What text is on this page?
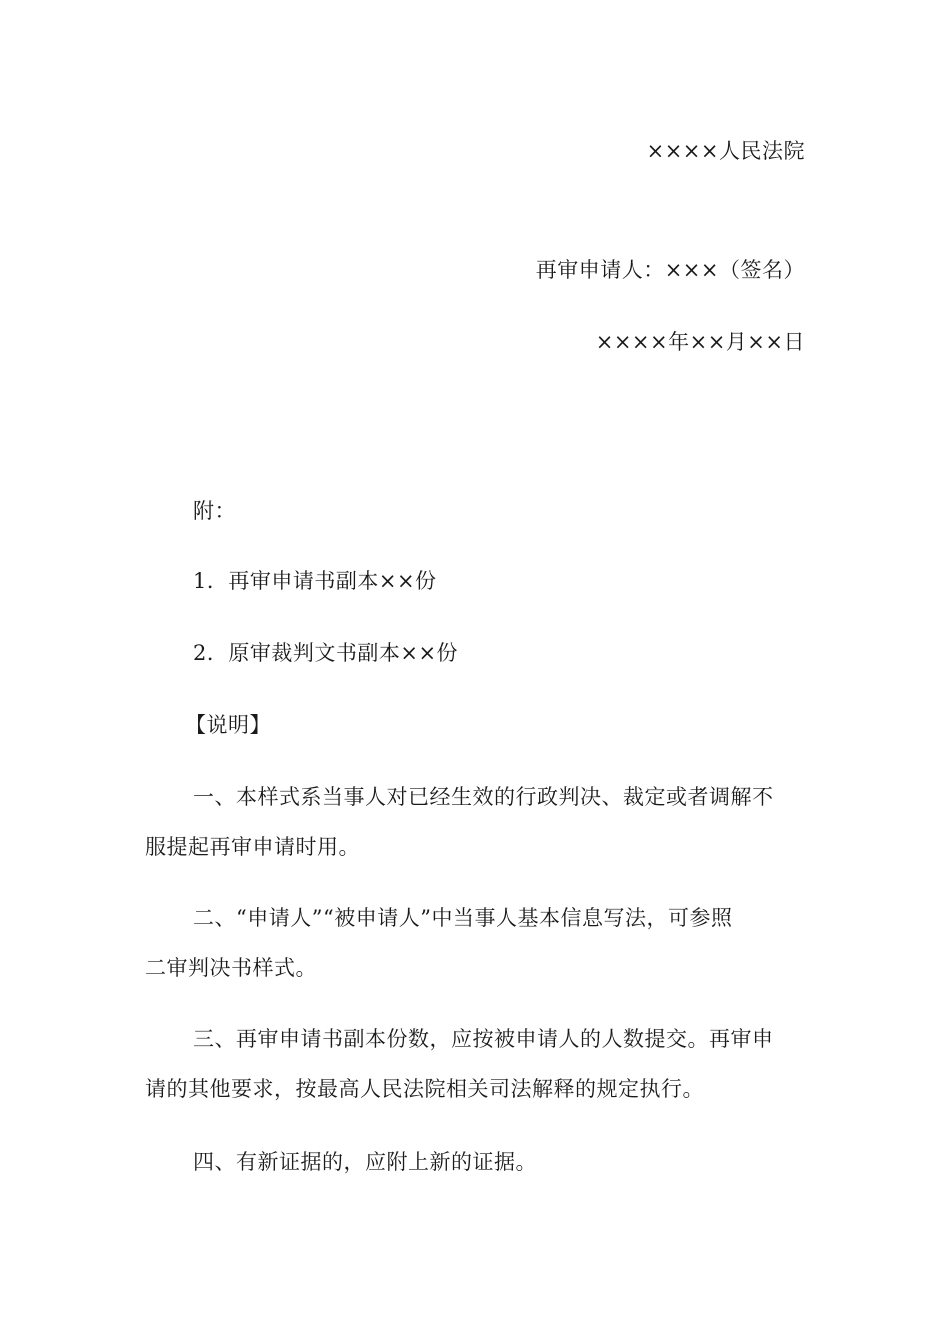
××××人民法院
再审申请人：×××（签名）
××××年××月××日
附：
1．再审申请书副本××份
2．原审裁判文书副本××份
【说明】
一、本样式系当事人对已经生效的行政判决、裁定或者调解不
服提起再审申请时用。
二、“申请人”“被申请人”中当事人基本信息写法，可参照
二审判决书样式。
三、再审申请书副本份数，应按被申请人的人数提交。再审申
请的其他要求，按最高人民法院相关司法解释的规定执行。
四、有新证据的，应附上新的证据。
